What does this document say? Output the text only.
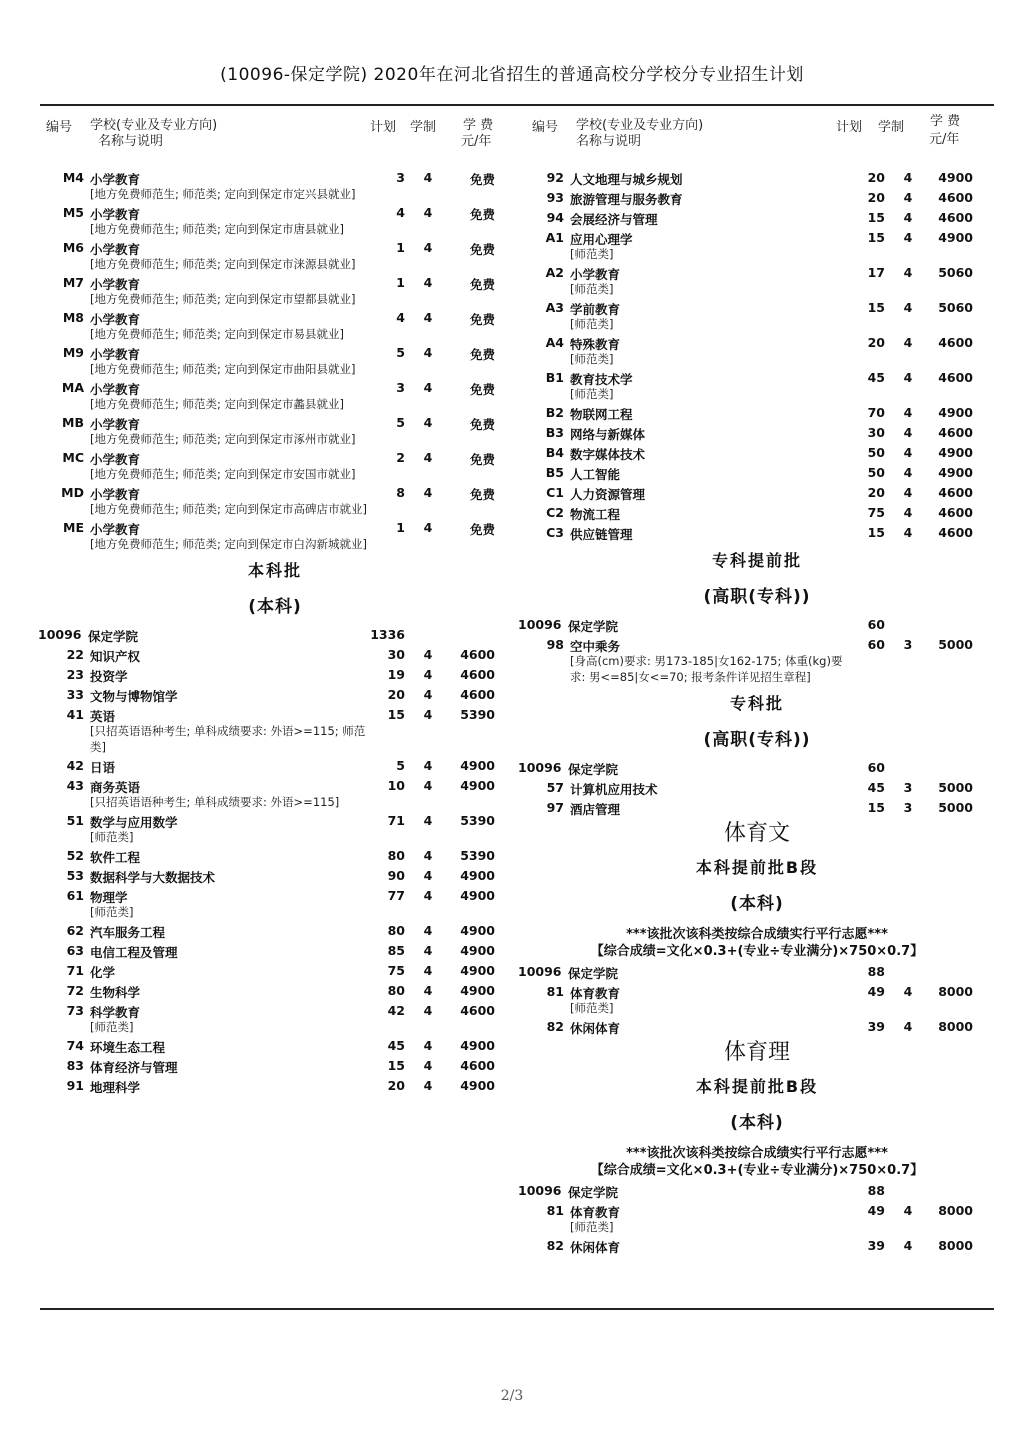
(10096-保定学院) 2020年在河北省招生的普通高校分学校分专业招生计划
编号 学校(专业及专业方向)
名称与说明
计划 学制 学 费
元/年
M4 小学教育	3	4	免费
[地方免费师范生; 师范类; 定向到保定市定兴县就业]
M5 小学教育	4	4	免费
[地方免费师范生; 师范类; 定向到保定市唐县就业]
M6 小学教育	1	4	免费
[地方免费师范生; 师范类; 定向到保定市涞源县就业]
M7 小学教育	1	4	免费
[地方免费师范生; 师范类; 定向到保定市望都县就业]
M8 小学教育	4	4	免费
[地方免费师范生; 师范类; 定向到保定市易县就业]
M9 小学教育	5	4	免费
[地方免费师范生; 师范类; 定向到保定市曲阳县就业]
MA 小学教育	3	4	免费
[地方免费师范生; 师范类; 定向到保定市蠡县就业]
MB 小学教育	5	4	免费
[地方免费师范生; 师范类; 定向到保定市涿州市就业]
MC 小学教育	2	4	免费
[地方免费师范生; 师范类; 定向到保定市安国市就业]
MD 小学教育	8	4	免费
[地方免费师范生; 师范类; 定向到保定市高碑店市就业]
ME 小学教育	1	4	免费
[地方免费师范生; 师范类; 定向到保定市白沟新城就业]
本科批
(本科)
10096 保定学院	1336
22 知识产权	30	4	4600
23 投资学	19	4	4600
33 文物与博物馆学	20	4	4600
41 英语	15	4	5390
[只招英语语种考生; 单科成绩要求: 外语>=115; 师范类]
42 日语	5	4	4900
43 商务英语	10	4	4900
[只招英语语种考生; 单科成绩要求: 外语>=115]
51 数学与应用数学	71	4	5390
[师范类]
52 软件工程	80	4	5390
53 数据科学与大数据技术	90	4	4900
61 物理学	77	4	4900
[师范类]
62 汽车服务工程	80	4	4900
63 电信工程及管理	85	4	4900
71 化学	75	4	4900
72 生物科学	80	4	4900
73 科学教育	42	4	4600
[师范类]
74 环境生态工程	45	4	4900
83 体育经济与管理	15	4	4600
91 地理科学	20	4	4900
编号 学校(专业及专业方向)
名称与说明
计划 学制 学 费
元/年
92 人文地理与城乡规划	20	4	4900
93 旅游管理与服务教育	20	4	4600
94 会展经济与管理	15	4	4600
A1 应用心理学	15	4	4900
[师范类]
A2 小学教育	17	4	5060
[师范类]
A3 学前教育	15	4	5060
[师范类]
A4 特殊教育	20	4	4600
[师范类]
B1 教育技术学	45	4	4600
[师范类]
B2 物联网工程	70	4	4900
B3 网络与新媒体	30	4	4600
B4 数字媒体技术	50	4	4900
B5 人工智能	50	4	4900
C1 人力资源管理	20	4	4600
C2 物流工程	75	4	4600
C3 供应链管理	15	4	4600
专科提前批
(高职(专科))
10096 保定学院	60
98 空中乘务	60	3	5000
[身高(cm)要求: 男173-185|女162-175; 体重(kg)要求: 男<=85|女<=70; 报考条件详见招生章程]
专科批
(高职(专科))
10096 保定学院	60
57 计算机应用技术	45	3	5000
97 酒店管理	15	3	5000
体育文
本科提前批B段
(本科)
***该批次该科类按综合成绩实行平行志愿***
【综合成绩=文化×0.3+(专业÷专业满分)×750×0.7】
10096 保定学院	88
81 体育教育	49	4	8000
[师范类]
82 休闲体育	39	4	8000
体育理
本科提前批B段
(本科)
***该批次该科类按综合成绩实行平行志愿***
【综合成绩=文化×0.3+(专业÷专业满分)×750×0.7】
10096 保定学院	88
81 体育教育	49	4	8000
[师范类]
82 休闲体育	39	4	8000
2/3
